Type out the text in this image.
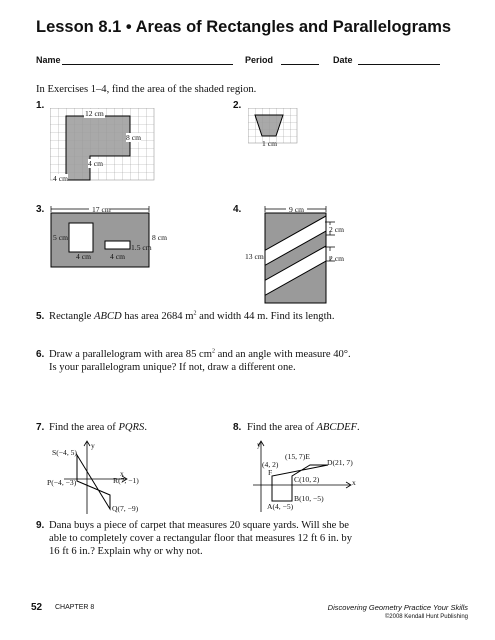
Lesson 8.1 • Areas of Rectangles and Parallelograms
Name	Period	Date
In Exercises 1–4, find the area of the shaded region.
1.
12 cm
8 cm
4 cm
4 cm
2.
1 cm
3.	17 cm
8 cm
5 cm
4 cm	4 cm
1.5 cm
4.	9 cm
13 cm
2 cm
2 cm
5. Rectangle ABCD has area 2684 $m^2$ and width 44 m. Find its length.
6. Draw a parallelogram with area 85 $cm^2$ and an angle with measure 40°.
Is your parallelogram unique? If not, draw a different one.
7. Find the area of PQRS.
y
x
S(−4, 5)
P(−4, −3)	R(7, −1)
Q(7, −9)
8. Find the area of ABCDEF.
y
x
(15, 7)E
D(21, 7)
(4, 2)
F
C(10, 2)
B(10, −5)
A(4, −5)
9. Dana buys a piece of carpet that measures 20 square yards. Will she be
able to completely cover a rectangular floor that measures 12 ft 6 in. by
16 ft 6 in.? Explain why or why not.
52 CHAPTER 8	Discovering Geometry Practice Your Skills
©2008 Kendall Hunt Publishing
